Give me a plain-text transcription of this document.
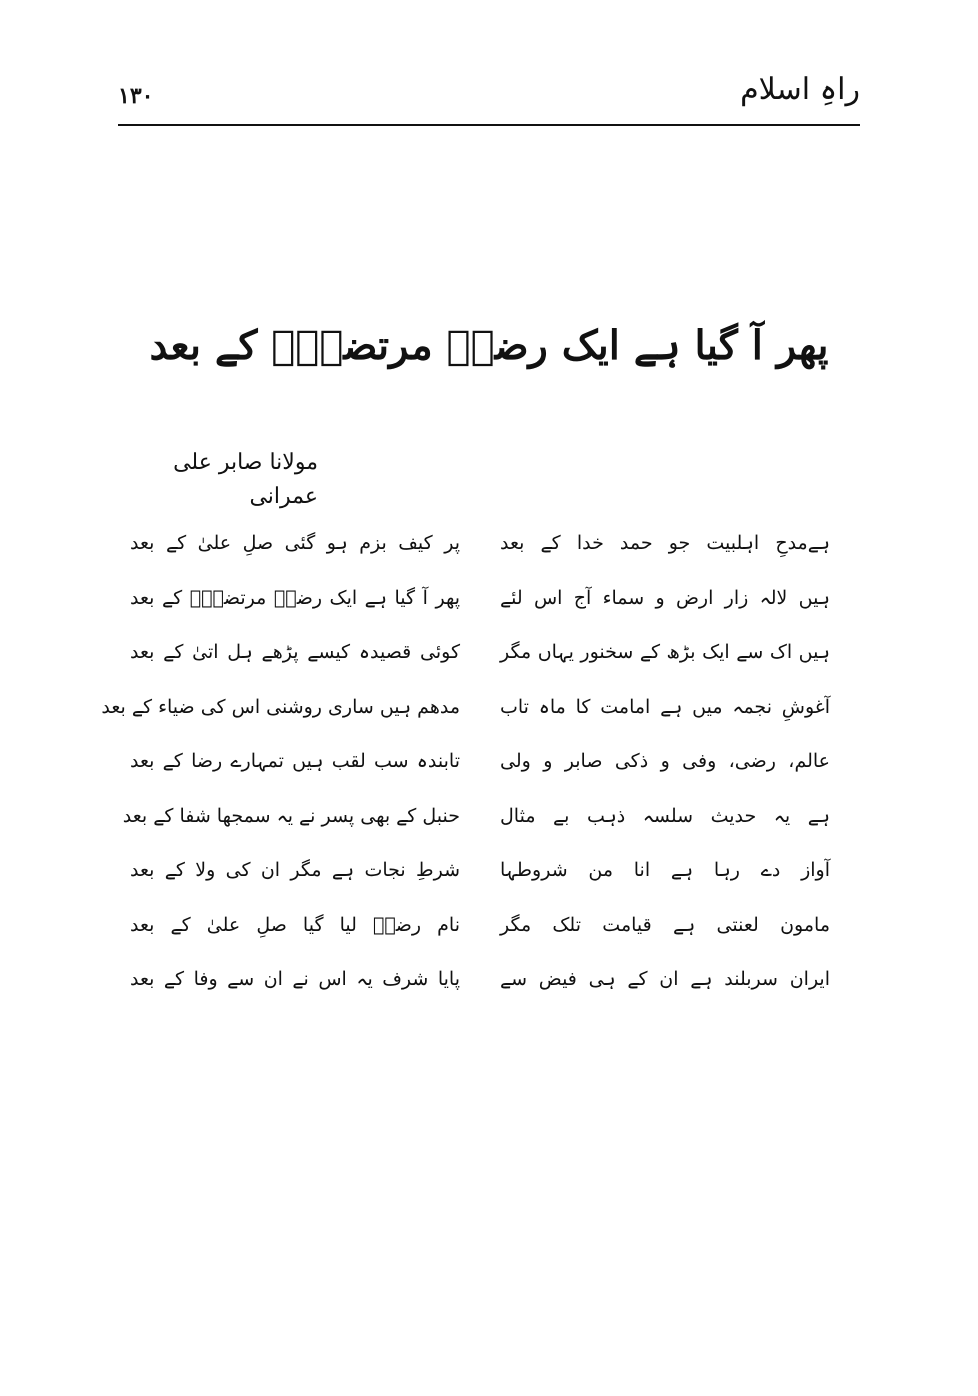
راہِ اسلام
۱۳۰
پھر آ گیا ہے ایک رضاؑ مرتضیٰؑ کے بعد
مولانا صابر علی عمرانی
ہےمدحِ اہلبیت جو حمد خدا کے بعد
ہیں لالہ زار ارض و سماء آج اس لئے
ہیں اک سے ایک بڑھ کے سخنور یہاں مگر
آغوشِ نجمہ میں ہے امامت کا ماہ تاب
عالم، رضی، وفی و ذکی صابر و ولی
ہے یہ حدیث سلسہ ذہب بے مثال
آواز دے رہا ہے انا من شروطہا
مامون لعنتی ہے قیامت تلک مگر
ایران سربلند ہے ان کے ہی فیض سے
پر کیف بزم ہو گئی صلِ علیٰ کے بعد
پھر آ گیا ہے ایک رضاؑ مرتضیٰؑ کے بعد
کوئی قصیدہ کیسے پڑھے ہل اتیٰ کے بعد
مدھم ہیں ساری روشنی اس کی ضیاء کے بعد
تابندہ سب لقب ہیں تمہارے رضا کے بعد
حنبل کے بھی پسر نے یہ سمجھا شفا کے بعد
شرطِ نجات ہے مگر ان کی ولا کے بعد
نام رضاؑ لیا گیا صلِ علیٰ کے بعد
پایا شرف یہ اس نے ان سے وفا کے بعد
